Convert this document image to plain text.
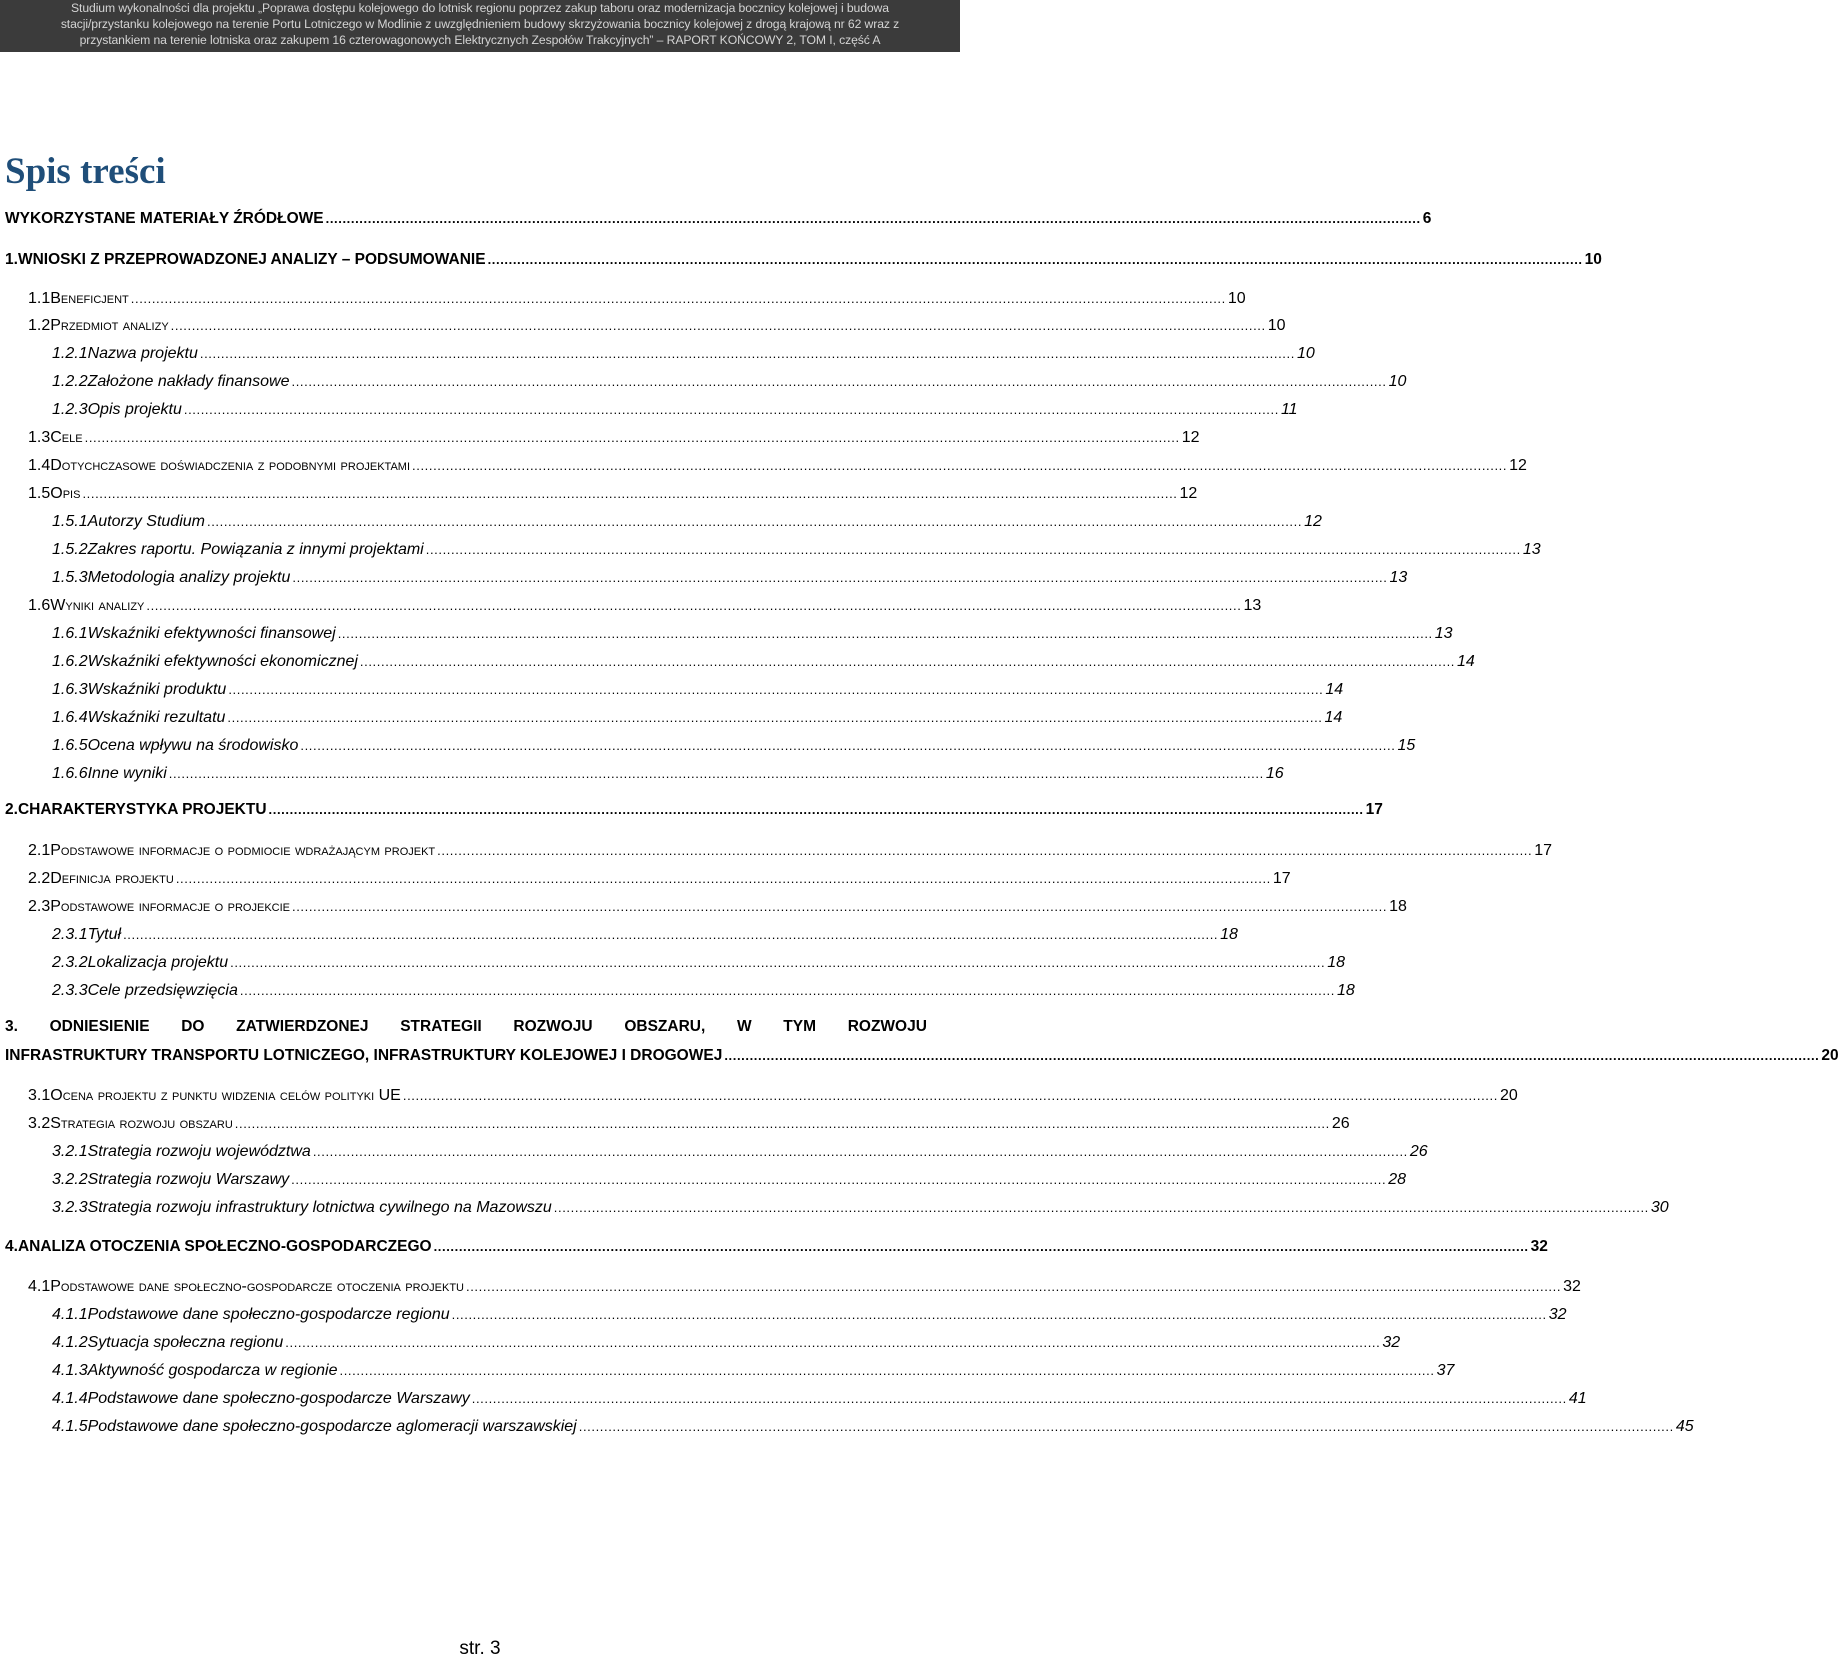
Studium wykonalności dla projektu „Poprawa dostępu kolejowego do lotnisk regionu poprzez zakup taboru oraz modernizacja bocznicy kolejowej i budowa
stacji/przystanku kolejowego na terenie Portu Lotniczego w Modlinie z uwzględnieniem budowy skrzyżowania bocznicy kolejowej z drogą krajową nr 62 wraz z
przystankiem na terenie lotniska oraz zakupem 16 czterowagonowych Elektrycznych Zespołów Trakcyjnych” – RAPORT KOŃCOWY 2, TOM I, część A
Spis treści
WYKORZYSTANE MATERIAŁY ŹRÓDŁOWE .................................................................................................................................................................................................................................................................... 6
1. WNIOSKI Z PRZEPROWADZONEJ ANALIZY – PODSUMOWANIE .................................................................................................................................................................................................................................................................... 10
1.1 Beneficjent .................................................................................................................................................................................................................................................................... 10
1.2 Przedmiot analizy .................................................................................................................................................................................................................................................................... 10
1.2.1 Nazwa projektu .................................................................................................................................................................................................................................................................... 10
1.2.2 Założone nakłady finansowe .................................................................................................................................................................................................................................................................... 10
1.2.3 Opis projektu .................................................................................................................................................................................................................................................................... 11
1.3 Cele .................................................................................................................................................................................................................................................................... 12
1.4 Dotychczasowe doświadczenia z podobnymi projektami .................................................................................................................................................................................................................................................................... 12
1.5 Opis .................................................................................................................................................................................................................................................................... 12
1.5.1 Autorzy Studium .................................................................................................................................................................................................................................................................... 12
1.5.2 Zakres raportu. Powiązania z innymi projektami .................................................................................................................................................................................................................................................................... 13
1.5.3 Metodologia analizy projektu .................................................................................................................................................................................................................................................................... 13
1.6 Wyniki analizy .................................................................................................................................................................................................................................................................... 13
1.6.1 Wskaźniki efektywności finansowej .................................................................................................................................................................................................................................................................... 13
1.6.2 Wskaźniki efektywności ekonomicznej .................................................................................................................................................................................................................................................................... 14
1.6.3 Wskaźniki produktu .................................................................................................................................................................................................................................................................... 14
1.6.4 Wskaźniki rezultatu .................................................................................................................................................................................................................................................................... 14
1.6.5 Ocena wpływu na środowisko .................................................................................................................................................................................................................................................................... 15
1.6.6 Inne wyniki .................................................................................................................................................................................................................................................................... 16
2. CHARAKTERYSTYKA PROJEKTU .................................................................................................................................................................................................................................................................... 17
2.1 Podstawowe informacje o podmiocie wdrażającym projekt .................................................................................................................................................................................................................................................................... 17
2.2 Definicja projektu .................................................................................................................................................................................................................................................................... 17
2.3 Podstawowe informacje o projekcie .................................................................................................................................................................................................................................................................... 18
2.3.1 Tytuł .................................................................................................................................................................................................................................................................... 18
2.3.2 Lokalizacja projektu .................................................................................................................................................................................................................................................................... 18
2.3.3 Cele przedsięwzięcia .................................................................................................................................................................................................................................................................... 18
3. ODNIESIENIE DO ZATWIERDZONEJ STRATEGII ROZWOJU OBSZARU, W TYM ROZWOJU
INFRASTRUKTURY TRANSPORTU LOTNICZEGO, INFRASTRUKTURY KOLEJOWEJ I DROGOWEJ .................................................................................................................................................................................................................................................................... 20
3.1 Ocena projektu z punktu widzenia celów polityki UE .................................................................................................................................................................................................................................................................... 20
3.2 Strategia rozwoju obszaru .................................................................................................................................................................................................................................................................... 26
3.2.1 Strategia rozwoju województwa .................................................................................................................................................................................................................................................................... 26
3.2.2 Strategia rozwoju Warszawy .................................................................................................................................................................................................................................................................... 28
3.2.3 Strategia rozwoju infrastruktury lotnictwa cywilnego na Mazowszu .................................................................................................................................................................................................................................................................... 30
4. ANALIZA OTOCZENIA SPOŁECZNO-GOSPODARCZEGO .................................................................................................................................................................................................................................................................... 32
4.1 Podstawowe dane społeczno-gospodarcze otoczenia projektu .................................................................................................................................................................................................................................................................... 32
4.1.1 Podstawowe dane społeczno-gospodarcze regionu .................................................................................................................................................................................................................................................................... 32
4.1.2 Sytuacja społeczna regionu .................................................................................................................................................................................................................................................................... 32
4.1.3 Aktywność gospodarcza w regionie .................................................................................................................................................................................................................................................................... 37
4.1.4 Podstawowe dane społeczno-gospodarcze Warszawy .................................................................................................................................................................................................................................................................... 41
4.1.5 Podstawowe dane społeczno-gospodarcze aglomeracji warszawskiej .................................................................................................................................................................................................................................................................... 45
str. 3
